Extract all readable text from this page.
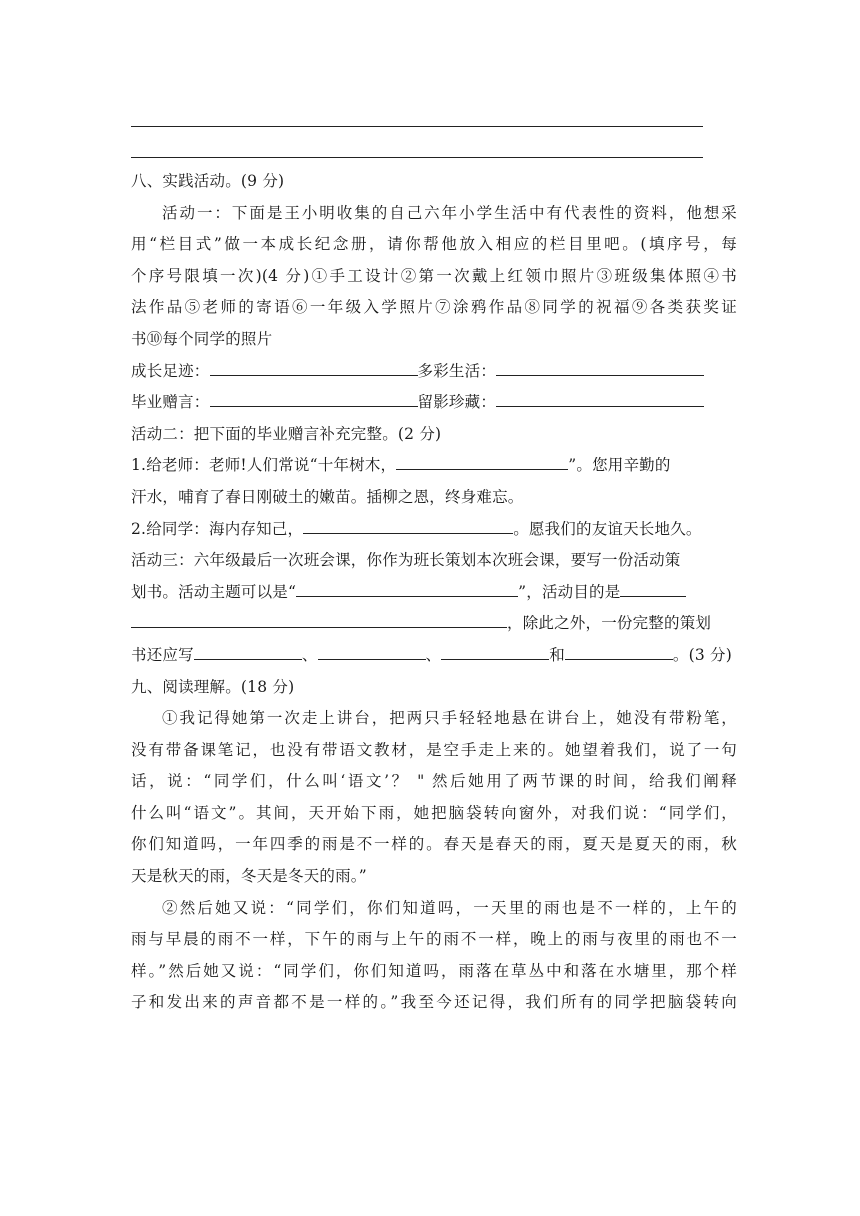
八、实践活动。(9 分)
活动一：下面是王小明收集的自己六年小学生活中有代表性的资料，他想采
用“栏目式”做一本成长纪念册，请你帮他放入相应的栏目里吧。(填序号，每
个序号限填一次)(4 分)①手工设计②第一次戴上红领巾照片③班级集体照④书
法作品⑤老师的寄语⑥一年级入学照片⑦涂鸦作品⑧同学的祝福⑨各类获奖证
书⑩每个同学的照片
成长足迹：	多彩生活：
毕业赠言：	留影珍藏：
活动二：把下面的毕业赠言补充完整。(2 分)
1.给老师：老师!人们常说“十年树木，	”。您用辛勤的
汗水，哺育了春日刚破土的嫩苗。插柳之恩，终身难忘。
2.给同学：海内存知己，	。愿我们的友谊天长地久。
活动三：六年级最后一次班会课，你作为班长策划本次班会课，要写一份活动策
划书。活动主题可以是“	”，活动目的是
，除此之外，一份完整的策划
书还应写	、	、	和	。(3 分)
九、阅读理解。(18 分)
①我记得她第一次走上讲台，把两只手轻轻地悬在讲台上，她没有带粉笔，
没有带备课笔记，也没有带语文教材，是空手走上来的。她望着我们，说了一句
话，说：“同学们，什么叫‘语文’？ " 然后她用了两节课的时间，给我们阐释
什么叫“语文”。其间，天开始下雨，她把脑袋转向窗外，对我们说：“同学们，
你们知道吗，一年四季的雨是不一样的。春天是春天的雨，夏天是夏天的雨，秋
天是秋天的雨，冬天是冬天的雨。”
②然后她又说：“同学们，你们知道吗，一天里的雨也是不一样的，上午的
雨与早晨的雨不一样，下午的雨与上午的雨不一样，晚上的雨与夜里的雨也不一
样。”然后她又说：“同学们，你们知道吗，雨落在草丛中和落在水塘里，那个样
子和发出来的声音都不是一样的。”我至今还记得，我们所有的同学把脑袋转向
